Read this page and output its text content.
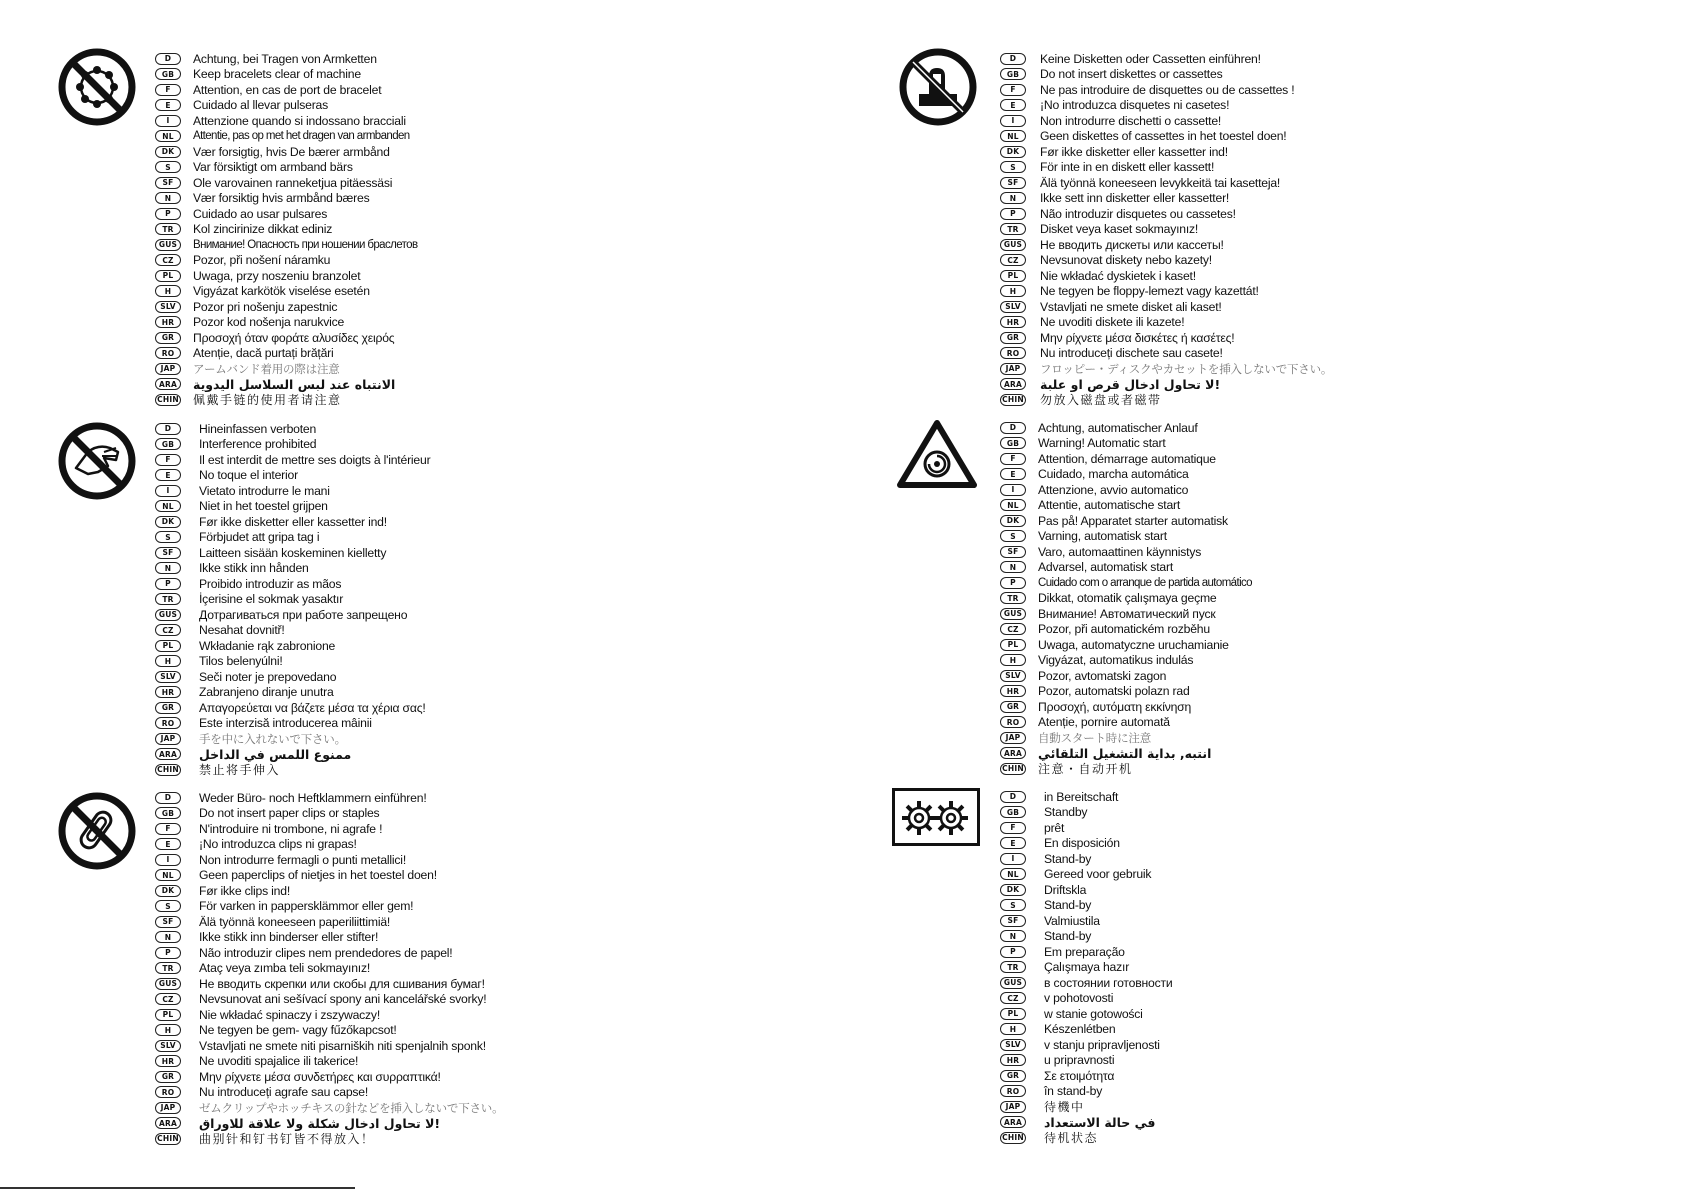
D	Achtung, bei Tragen von Armketten
GB	Keep bracelets clear of machine
F	Attention, en cas de port de bracelet
E	Cuidado al llevar pulseras
I	Attenzione quando si indossano bracciali
NL	Attentie, pas op met het dragen van armbanden
DK	Vær forsigtig, hvis De bærer armbånd
S	Var försiktigt om armband bärs
SF	Ole varovainen ranneketjua pitäessäsi
N	Vær forsiktig hvis armbånd bæres
P	Cuidado ao usar pulsares
TR	Kol zincirinize dikkat ediniz
GUS	Внимание! Опасность при ношении браслетов
CZ	Pozor, při nošení náramku
PL	Uwaga, przy noszeniu branzolet
H	Vigyázat karkötök viselése esetén
SLV	Pozor pri nošenju zapestnic
HR	Pozor kod nošenja narukvice
GR	Προσοχή όταν φοράτε αλυσίδες χειρός
RO	Atenție, dacă purtați brățări
JAP	アームバンド着用の際は注意
ARA	الانتباه عند لبس السلاسل اليدوية
CHIN 佩戴手链的使用者请注意
D	Hineinfassen verboten
GB	Interference prohibited
F	Il est interdit de mettre ses doigts à l'intérieur
E	No toque el interior
I	Vietato introdurre le mani
NL	Niet in het toestel grijpen
DK	Før ikke disketter eller kassetter ind!
S	Förbjudet att gripa tag i
SF	Laitteen sisään koskeminen kielletty
N	Ikke stikk inn hånden
P	Proibido introduzir as mãos
TR	İçerisine el sokmak yasaktır
GUS	Дотрагиваться при работе запрещено
CZ	Nesahat dovnitř!
PL	Wkładanie rąk zabronione
H	Tilos belenyúlni!
SLV	Seči noter je prepovedano
HR	Zabranjeno diranje unutra
GR	Απαγορεύεται να βάζετε μέσα τα χέρια σας!
RO	Este interzisă introducerea mâinii
JAP	手を中に入れないで下さい。
ARA	ممنوع اللمس في الداخل
CHIN 禁止将手伸入
D	Weder Büro- noch Heftklammern einführen!
GB	Do not insert paper clips or staples
F	N'introduire ni trombone, ni agrafe !
E	¡No introduzca clips ni grapas!
I	Non introdurre fermagli o punti metallici!
NL	Geen paperclips of nietjes in het toestel doen!
DK	Før ikke clips ind!
S	För varken in pappersklämmor eller gem!
SF	Älä työnnä koneeseen paperiliittimiä!
N	Ikke stikk inn binderser eller stifter!
P	Não introduzir clipes nem prendedores de papel!
TR	Ataç veya zımba teli sokmayınız!
GUS	Не вводить скрепки или скобы для сшивания бумаг!
CZ	Nevsunovat ani sešívací spony ani kancelářské svorky!
PL	Nie wkładać spinaczy i zszywaczy!
H	Ne tegyen be gem- vagy fűzőkapcsot!
SLV	Vstavljati ne smete niti pisarniških niti spenjalnih sponk!
HR	Ne uvoditi spajalice ili takerice!
GR	Μην ρίχνετε μέσα συνδετήρες και συρραπτικά!
RO	Nu introduceți agrafe sau capse!
JAP	ゼムクリップやホッチキスの針などを挿入しないで下さい。
ARA	لا تحاول ادخال شكلة ولا علاقة للاوراق!
CHIN 曲别针和钉书钉皆不得放入！
D	Keine Disketten oder Cassetten einführen!
GB	Do not insert diskettes or cassettes
F	Ne pas introduire de disquettes ou de cassettes !
E	¡No introduzca disquetes ni casetes!
I	Non introdurre dischetti o cassette!
NL	Geen diskettes of cassettes in het toestel doen!
DK	Før ikke disketter eller kassetter ind!
S	För inte in en diskett eller kassett!
SF	Älä työnnä koneeseen levykkeitä tai kasetteja!
N	Ikke sett inn disketter eller kassetter!
P	Não introduzir disquetes ou cassetes!
TR	Disket veya kaset sokmayınız!
GUS	Не вводить дискеты или кассеты!
CZ	Nevsunovat diskety nebo kazety!
PL	Nie wkładać dyskietek i kaset!
H	Ne tegyen be floppy-lemezt vagy kazettát!
SLV	Vstavljati ne smete disket ali kaset!
HR	Ne uvoditi diskete ili kazete!
GR	Μην ρίχνετε μέσα δισκέτες ή κασέτες!
RO	Nu introduceți dischete sau casete!
JAP	フロッピー・ディスクやカセットを挿入しないで下さい。
ARA	لا تحاول ادخال قرص او علبة!
CHIN 勿放入磁盘或者磁带
D	Achtung, automatischer Anlauf
GB	Warning! Automatic start
F	Attention, démarrage automatique
E	Cuidado, marcha automática
I	Attenzione, avvio automatico
NL	Attentie, automatische start
DK	Pas på! Apparatet starter automatisk
S	Varning, automatisk start
SF	Varo, automaattinen käynnistys
N	Advarsel, automatisk start
P	Cuidado com o arranque de partida automático
TR	Dikkat, otomatik çalışmaya geçme
GUS	Внимание! Автоматический пуск
CZ	Pozor, při automatickém rozběhu
PL	Uwaga, automatyczne uruchamianie
H	Vigyázat, automatikus indulás
SLV	Pozor, avtomatski zagon
HR	Pozor, automatski polazn rad
GR	Προσοχή, αυτόματη εκκίνηση
RO	Atenție, pornire automată
JAP	自動スタート時に注意
ARA	انتبه, بداية التشغيل التلقائي
CHIN 注意・自动开机
D	in Bereitschaft
GB	Standby
F	prêt
E	En disposición
I	Stand-by
NL	Gereed voor gebruik
DK	Driftskla
S	Stand-by
SF	Valmiustila
N	Stand-by
P	Em preparação
TR	Çalışmaya hazır
GUS	в состоянии готовности
CZ	v pohotovosti
PL	w stanie gotowości
H	Készenlétben
SLV	v stanju pripravljenosti
HR	u pripravnosti
GR	Σε ετοιμότητα
RO	în stand-by
JAP	待機中
ARA	في حالة الاستعداد
CHIN 待机状态
